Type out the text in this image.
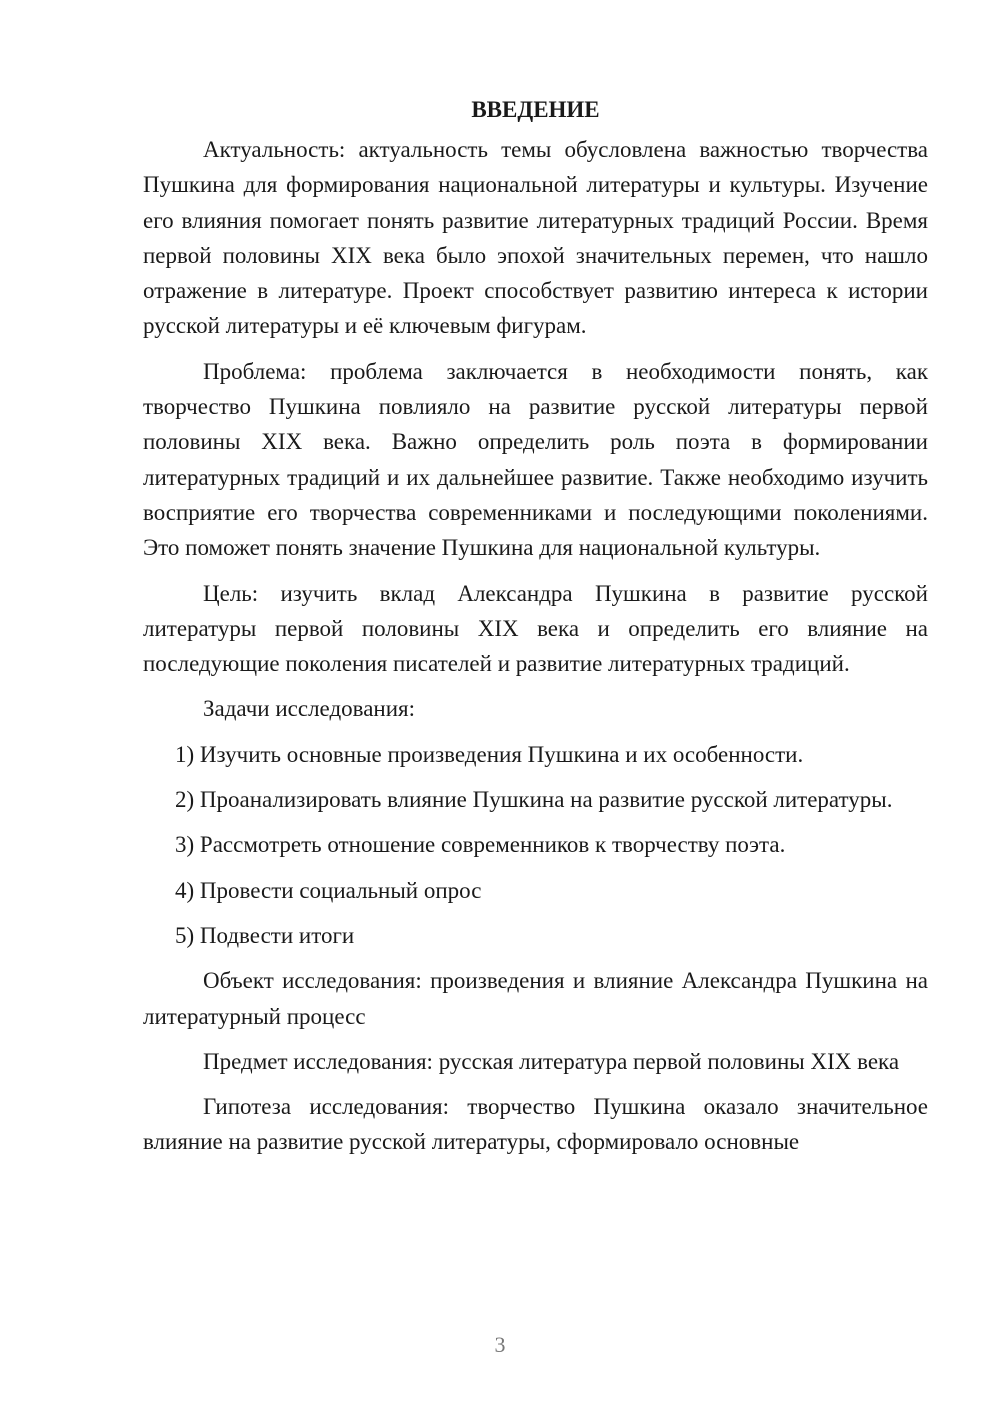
ВВЕДЕНИЕ

Актуальность: актуальность темы обусловлена важностью творчества Пушкина для формирования национальной литературы и культуры. Изучение его влияния помогает понять развитие литературных традиций России. Время первой половины XIX века было эпохой значительных перемен, что нашло отражение в литературе. Проект способствует развитию интереса к истории русской литературы и её ключевым фигурам.

Проблема: проблема заключается в необходимости понять, как творчество Пушкина повлияло на развитие русской литературы первой половины XIX века. Важно определить роль поэта в формировании литературных традиций и их дальнейшее развитие. Также необходимо изучить восприятие его творчества современниками и последующими поколениями. Это поможет понять значение Пушкина для национальной культуры.

Цель: изучить вклад Александра Пушкина в развитие русской литературы первой половины XIX века и определить его влияние на последующие поколения писателей и развитие литературных традиций.

Задачи исследования:

1) Изучить основные произведения Пушкина и их особенности.

2) Проанализировать влияние Пушкина на развитие русской литературы.

3) Рассмотреть отношение современников к творчеству поэта.

4) Провести социальный опрос

5) Подвести итоги

Объект исследования: произведения и влияние Александра Пушкина на литературный процесс

Предмет исследования: русская литература первой половины XIX века

Гипотеза исследования: творчество Пушкина оказало значительное влияние на развитие русской литературы, сформировало основные

3
